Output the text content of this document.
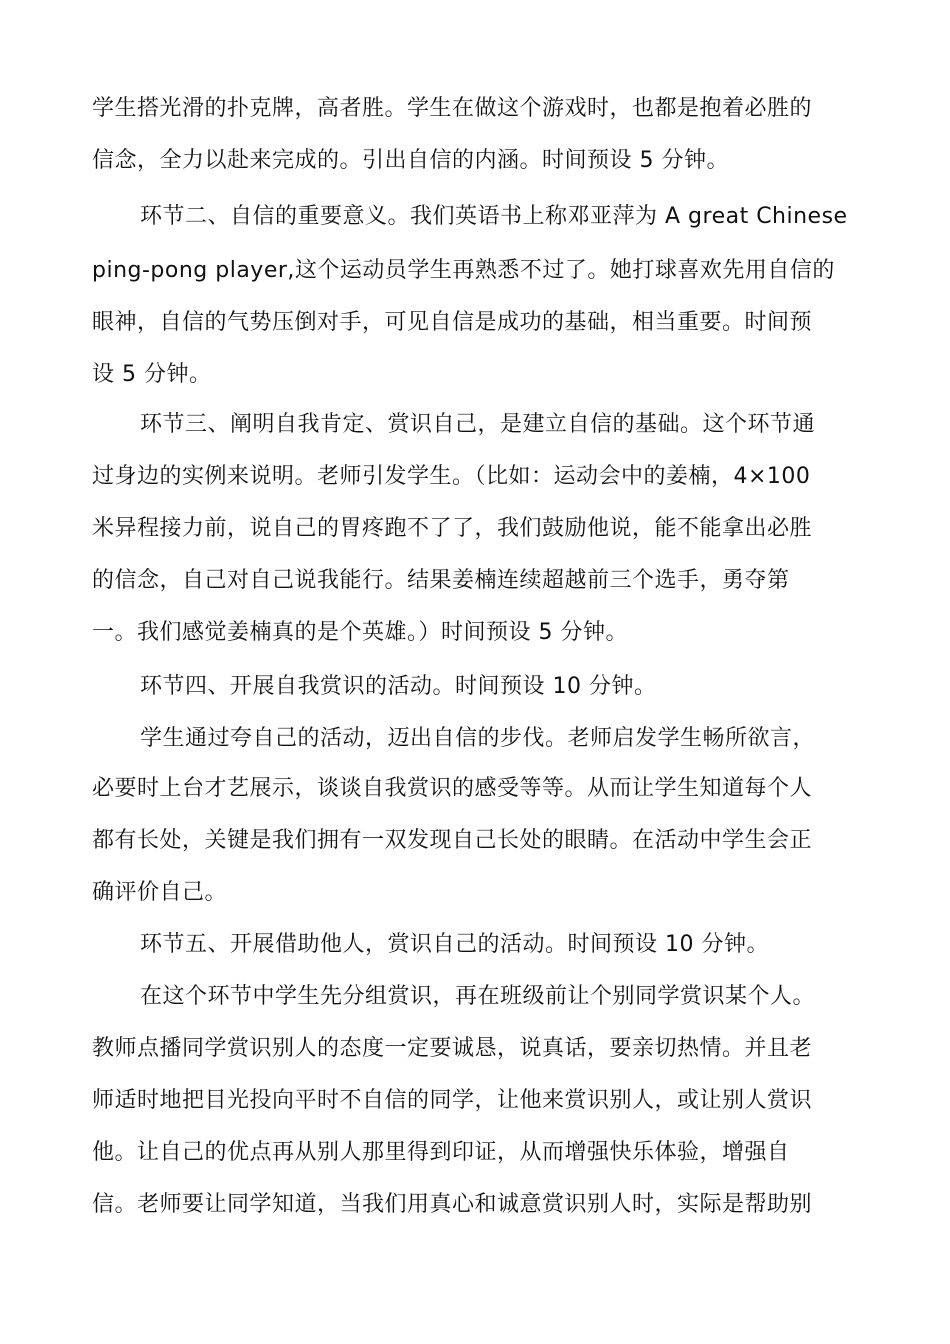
学生搭光滑的扑克牌，高者胜。学生在做这个游戏时，也都是抱着必胜的
信念，全力以赴来完成的。引出自信的内涵。时间预设 5 分钟。
环节二、自信的重要意义。我们英语书上称邓亚萍为 A great Chinese
ping-pong player,这个运动员学生再熟悉不过了。她打球喜欢先用自信的
眼神，自信的气势压倒对手，可见自信是成功的基础，相当重要。时间预
设 5 分钟。
环节三、阐明自我肯定、赏识自己，是建立自信的基础。这个环节通
过身边的实例来说明。老师引发学生。（比如：运动会中的姜楠，4×100
米异程接力前，说自己的胃疼跑不了了，我们鼓励他说，能不能拿出必胜
的信念，自己对自己说我能行。结果姜楠连续超越前三个选手，勇夺第
一。我们感觉姜楠真的是个英雄。）时间预设 5 分钟。
环节四、开展自我赏识的活动。时间预设 10 分钟。
学生通过夸自己的活动，迈出自信的步伐。老师启发学生畅所欲言，
必要时上台才艺展示，谈谈自我赏识的感受等等。从而让学生知道每个人
都有长处，关键是我们拥有一双发现自己长处的眼睛。在活动中学生会正
确评价自己。
环节五、开展借助他人，赏识自己的活动。时间预设 10 分钟。
在这个环节中学生先分组赏识，再在班级前让个别同学赏识某个人。
教师点播同学赏识别人的态度一定要诚恳，说真话，要亲切热情。并且老
师适时地把目光投向平时不自信的同学，让他来赏识别人，或让别人赏识
他。让自己的优点再从别人那里得到印证，从而增强快乐体验，增强自
信。老师要让同学知道，当我们用真心和诚意赏识别人时，实际是帮助别
